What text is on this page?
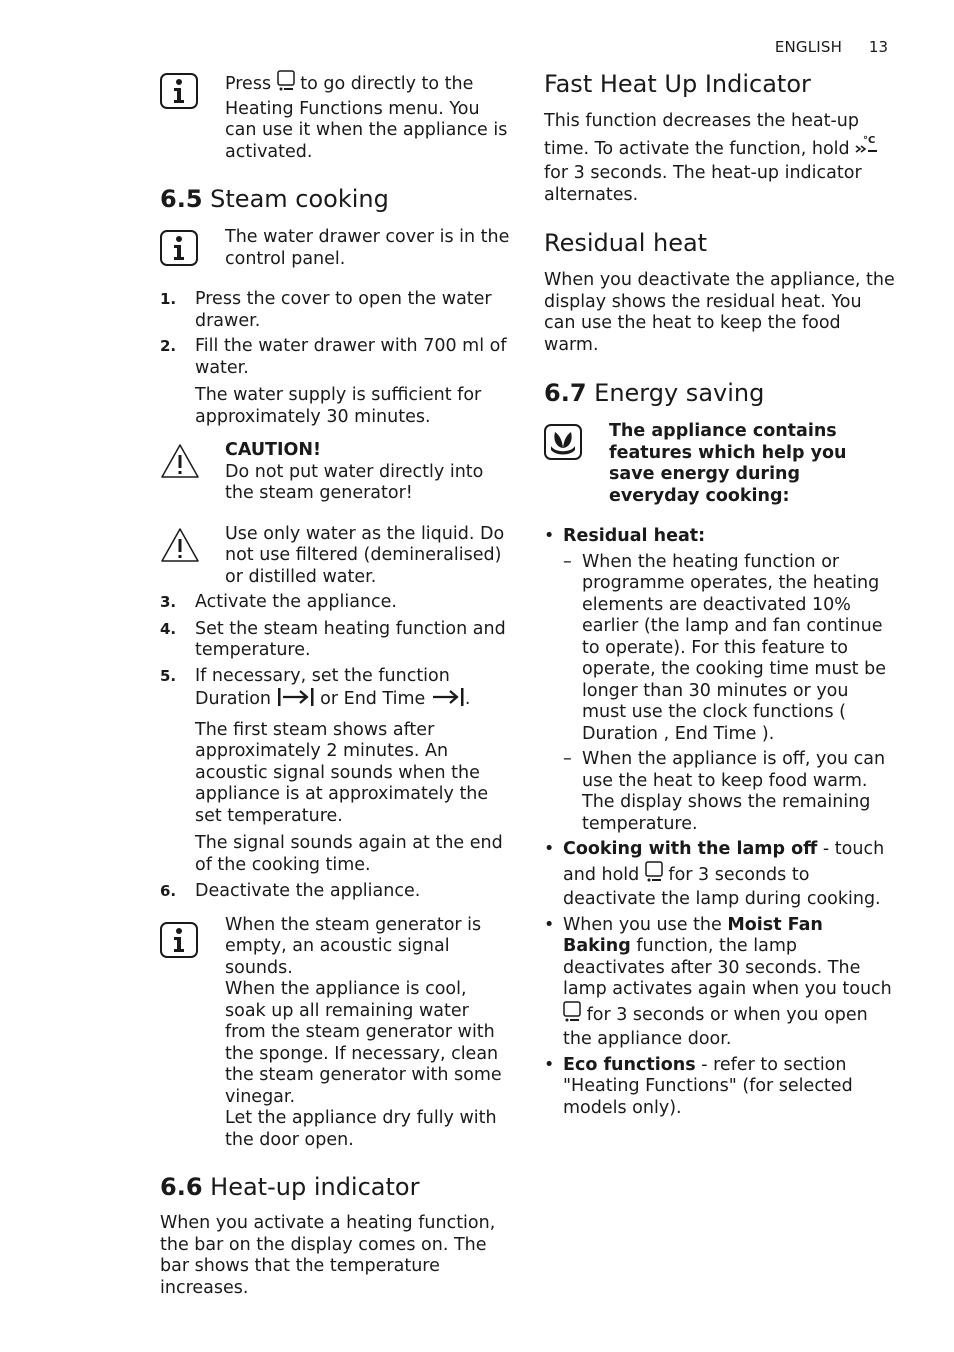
ENGLISH 13

Press to go directly to the Heating Functions menu. You can use it when the appliance is activated.

6.5 Steam cooking

The water drawer cover is in the control panel.

1.	Press the cover to open the water drawer.

2.	Fill the water drawer with 700 ml of water.

The water supply is sufficient for approximately 30 minutes.

CAUTION!

Do not put water directly into the steam generator!

Use only water as the liquid. Do not use filtered (demineralised) or distilled water.

3.	Activate the appliance.

4.	Set the steam heating function and temperature.

5.	If necessary, set the function Duration	or End Time .

The first steam shows after approximately 2 minutes. An acoustic signal sounds when the appliance is at approximately the set temperature.

The signal sounds again at the end of the cooking time.

6.	Deactivate the appliance.

When the steam generator is empty, an acoustic signal sounds.

When the appliance is cool, soak up all remaining water from the steam generator with the sponge. If necessary, clean the steam generator with some vinegar.

Let the appliance dry fully with the door open.

6.6 Heat-up indicator

When you activate a heating function, the bar on the display comes on. The bar shows that the temperature increases.

Fast Heat Up Indicator

This function decreases the heat-up time. To activate the function, hold °C
for 3 seconds. The heat-up indicator alternates.

Residual heat

When you deactivate the appliance, the display shows the residual heat. You can use the heat to keep the food warm.

6.7 Energy saving

The appliance contains features which help you save energy during everyday cooking:

• Residual heat:

– When the heating function or programme operates, the heating elements are deactivated 10% earlier (the lamp and fan continue to operate). For this feature to operate, the cooking time must be longer than 30 minutes or you must use the clock functions ( Duration , End Time ).

– When the appliance is off, you can use the heat to keep food warm. The display shows the remaining temperature.

• Cooking with the lamp off - touch and hold for 3 seconds to deactivate the lamp during cooking.

• When you use the Moist Fan Baking function, the lamp deactivates after 30 seconds. The lamp activates again when you touch  for 3 seconds or when you open the appliance door.

• Eco functions - refer to section "Heating Functions" (for selected models only).
